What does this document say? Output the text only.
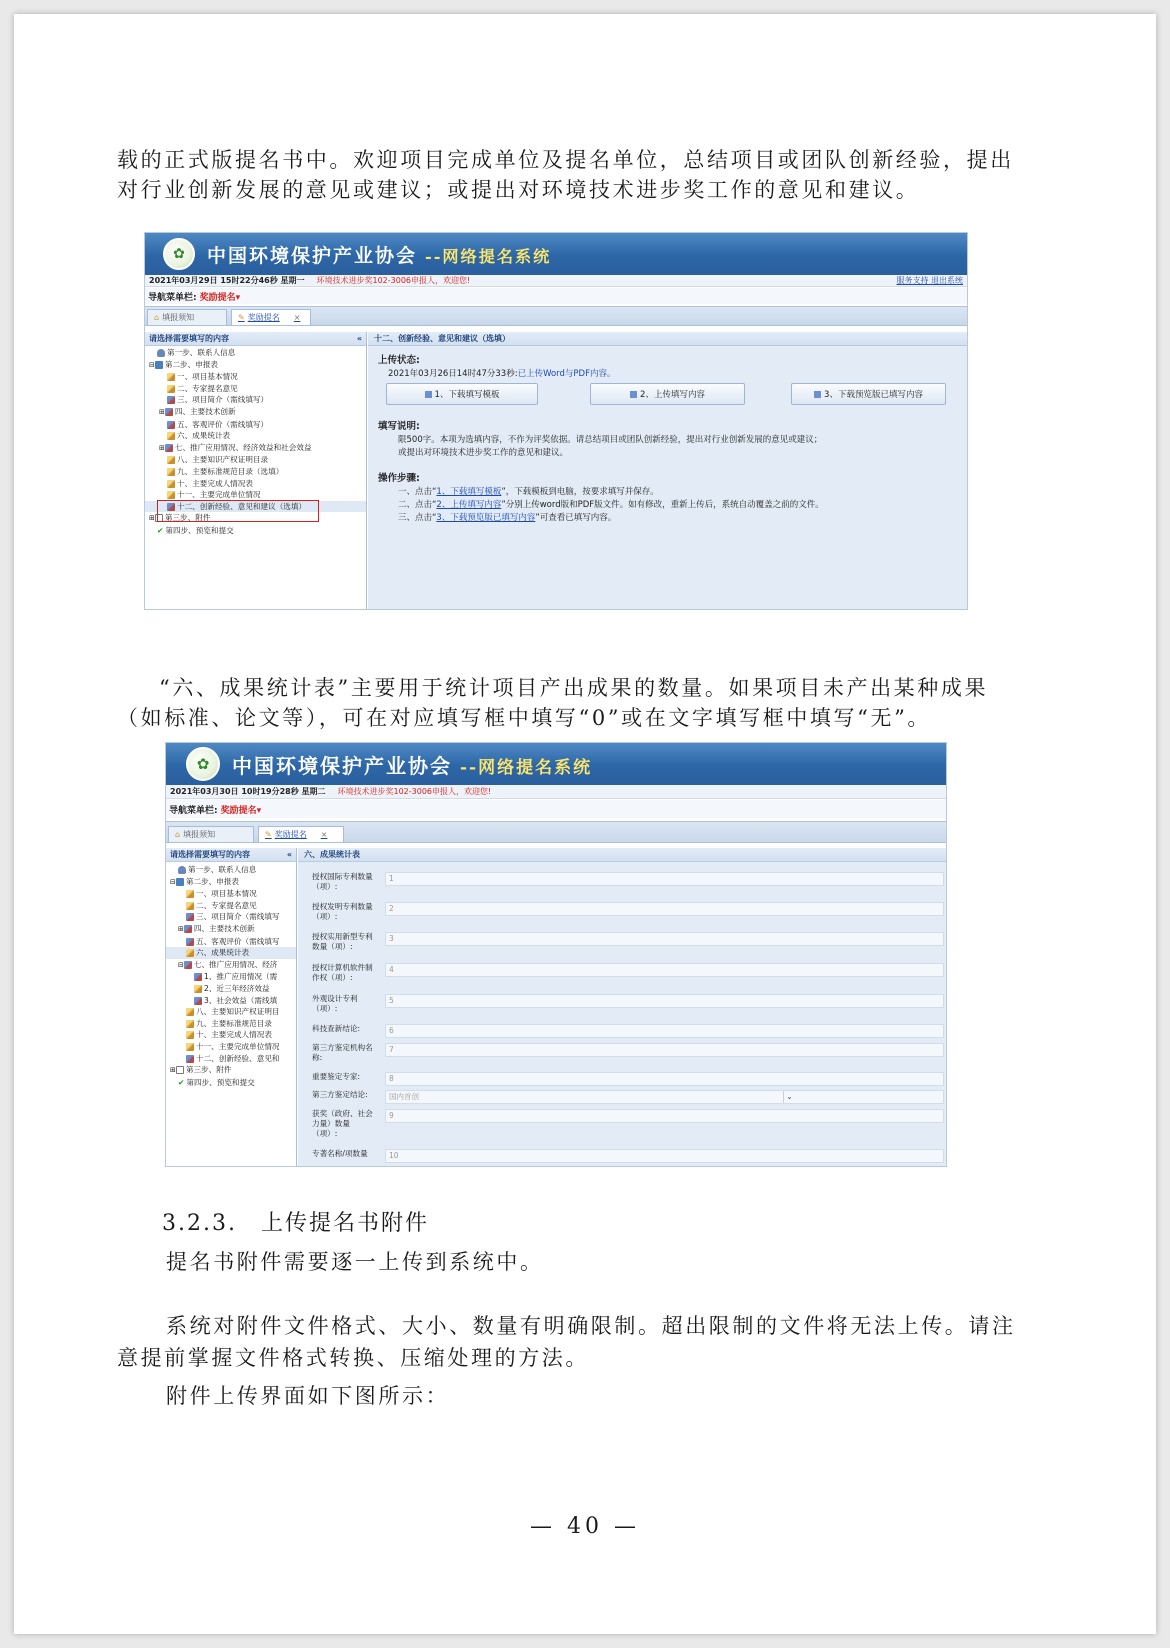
载的正式版提名书中。欢迎项目完成单位及提名单位，总结项目或团队创新经验，提出
对行业创新发展的意见或建议；或提出对环境技术进步奖工作的意见和建议。
✿	中国环境保护产业协会 --网络提名系统
2021年03月29日 15时22分46秒 星期一 环境技术进步奖102-3006申报人，欢迎您!	服务支持 退出系统
导航菜单栏: 奖励提名▾
⌂ 填报须知	✎ 奖励提名 ×
请选择需要填写的内容	«
第一步、联系人信息
⊟ 第二步、申报表
一、项目基本情况
二、专家提名意见
三、项目简介（需线填写）
⊞ 四、主要技术创新
五、客观评价（需线填写）
六、成果统计表
⊞ 七、推广应用情况、经济效益和社会效益
八、主要知识产权证明目录
九、主要标准规范目录（选填）
十、主要完成人情况表
十一、主要完成单位情况
十二、创新经验、意见和建议（选填）
⊞ 第三步、附件
✔ 第四步、预览和提交
十二、创新经验、意见和建议（选填）
上传状态:
2021年03月26日14时47分33秒:已上传Word与PDF内容。
1、下载填写模板	2、上传填写内容	3、下载预览版已填写内容
填写说明:
限500字。本项为选填内容，不作为评奖依据。请总结项目或团队创新经验，提出对行业创新发展的意见或建议；
或提出对环境技术进步奖工作的意见和建议。
操作步骤:
一、点击“1、下载填写模板”，下载模板到电脑，按要求填写并保存。
二、点击“2、上传填写内容”分别上传word版和PDF版文件。如有修改，重新上传后，系统自动覆盖之前的文件。
三、点击“3、下载预览版已填写内容”可查看已填写内容。
“六、成果统计表”主要用于统计项目产出成果的数量。如果项目未产出某种成果
（如标准、论文等），可在对应填写框中填写“0”或在文字填写框中填写“无”。
✿	中国环境保护产业协会 --网络提名系统
2021年03月30日 10时19分28秒 星期二 环境技术进步奖102-3006申报人，欢迎您!
导航菜单栏: 奖励提名▾
⌂ 填报须知	✎ 奖励提名 ×
请选择需要填写的内容	«
第一步、联系人信息
⊟ 第二步、申报表
一、项目基本情况
二、专家提名意见
三、项目简介（需线填写
⊞ 四、主要技术创新
五、客观评价（需线填写
六、成果统计表
⊟ 七、推广应用情况、经济
1、推广应用情况（需
2、近三年经济效益
3、社会效益（需线填
八、主要知识产权证明目
九、主要标准规范目录
十、主要完成人情况表
十一、主要完成单位情况
十二、创新经验、意见和
⊞ 第三步、附件
✔ 第四步、预览和提交
六、成果统计表
授权国际专利数量（项）:
1
授权发明专利数量（项）:
2
授权实用新型专利数量（项）:
3
授权计算机软件制作权（项）:
4
外观设计专利（项）:
5
科技查新结论:	6
第三方鉴定机构名称:
7
重要鉴定专家:	8
第三方鉴定结论:	国内首创	⌄
获奖（政府、社会力量）数量（项）:
9
专著名称/项数量	10
3.2.3.　上传提名书附件
提名书附件需要逐一上传到系统中。
系统对附件文件格式、大小、数量有明确限制。超出限制的文件将无法上传。请注
意提前掌握文件格式转换、压缩处理的方法。
附件上传界面如下图所示：
— 40 —
